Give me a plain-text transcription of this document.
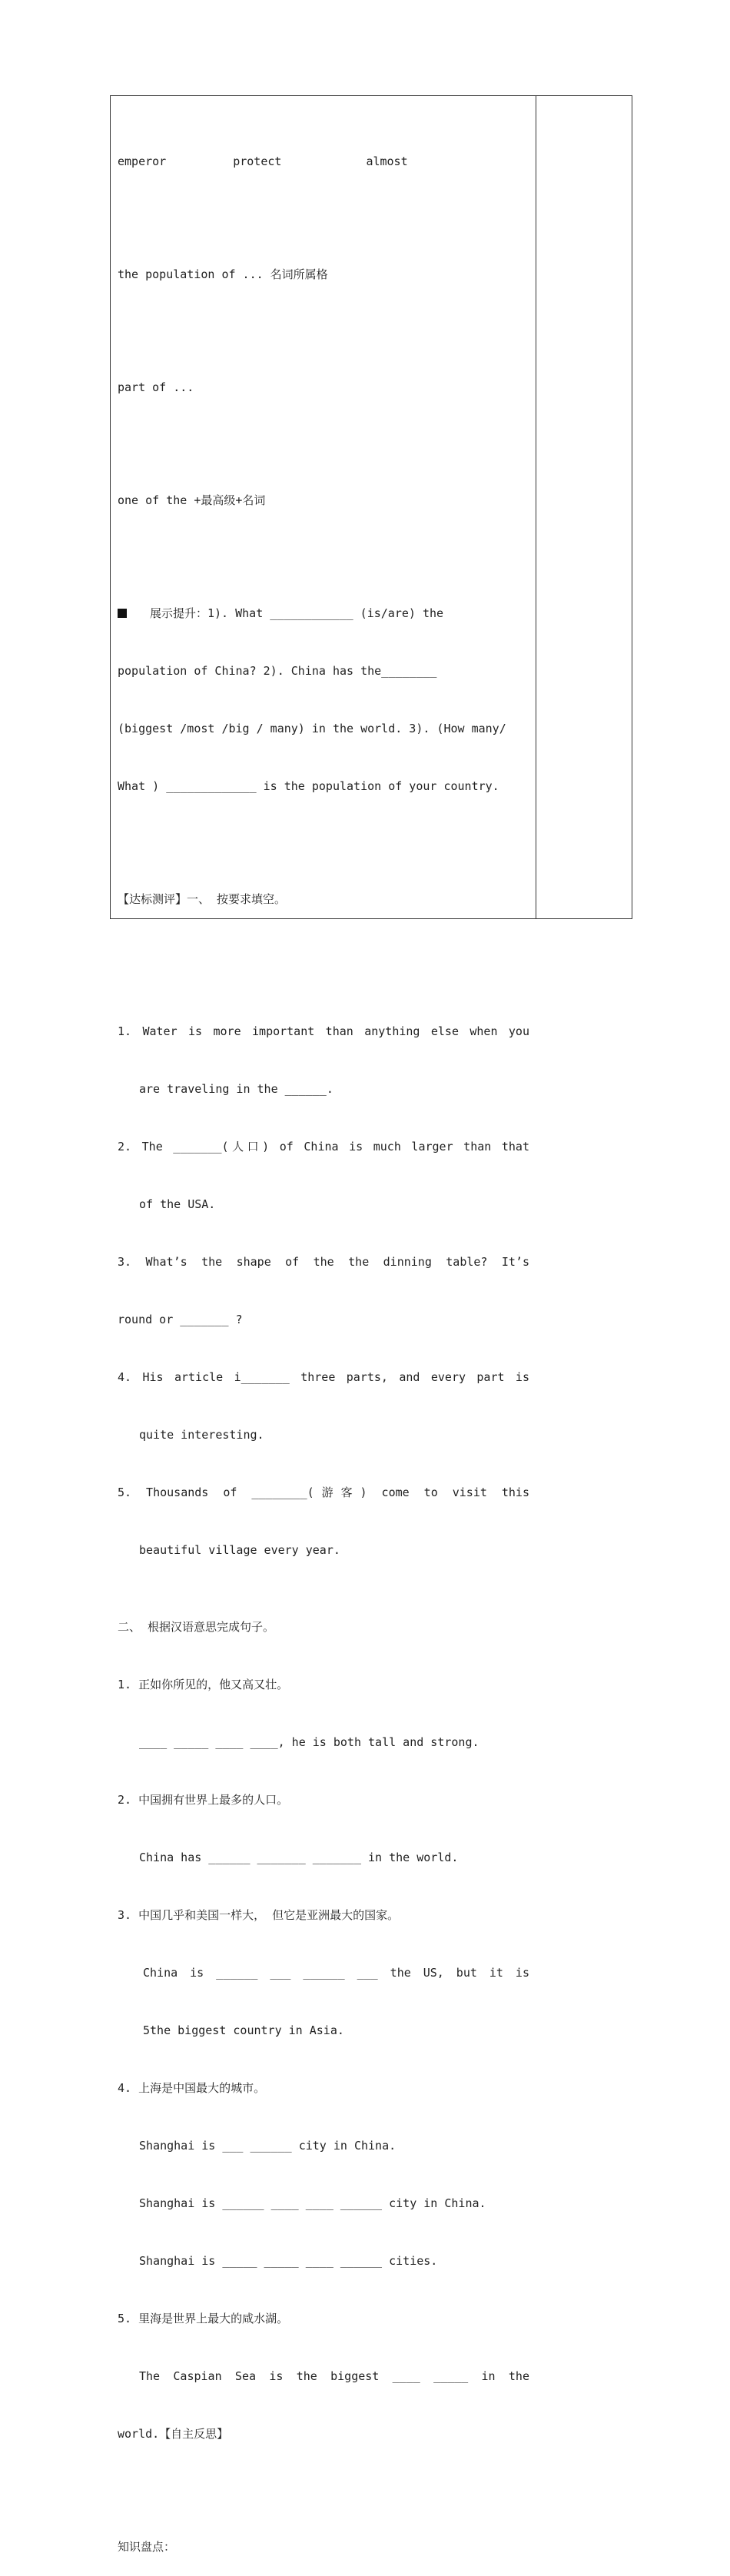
emperor	protect	almost

the population of ... 名词所属格

part of ...

one of the +最高级+名词

展示提升：1). What ____________ (is/are) the

population of China? 2). China has the________

(biggest /most /big / many) in the world. 3). (How many/

What ) _____________ is the population of your country.

【达标测评】一、 按要求填空。

1. Water is more important than anything else when you

are traveling in the ______.

2. The _______(人口) of China is much larger than that

of the USA.

3. What’s the shape of the the dinning table? It’s

round or _______ ?

4. His article i_______ three parts, and every part is

quite interesting.

5. Thousands of ________(游客) come to visit this

beautiful village every year.

二、 根据汉语意思完成句子。

1. 正如你所见的，他又高又壮。

____ _____ ____ ____, he is both tall and strong.

2. 中国拥有世界上最多的人口。

China has ______ _______ _______ in the world.

3. 中国几乎和美国一样大， 但它是亚洲最大的国家。

China is ______ ___ ______ ___ the US, but it is

5the biggest country in Asia.

4. 上海是中国最大的城市。

Shanghai is ___ ______ city in China.

Shanghai is ______ ____ ____ ______ city in China.

Shanghai is _____ _____ ____ ______ cities.

5. 里海是世界上最大的咸水湖。

The Caspian Sea is the biggest ____ _____ in the

world.【自主反思】

知识盘点：
